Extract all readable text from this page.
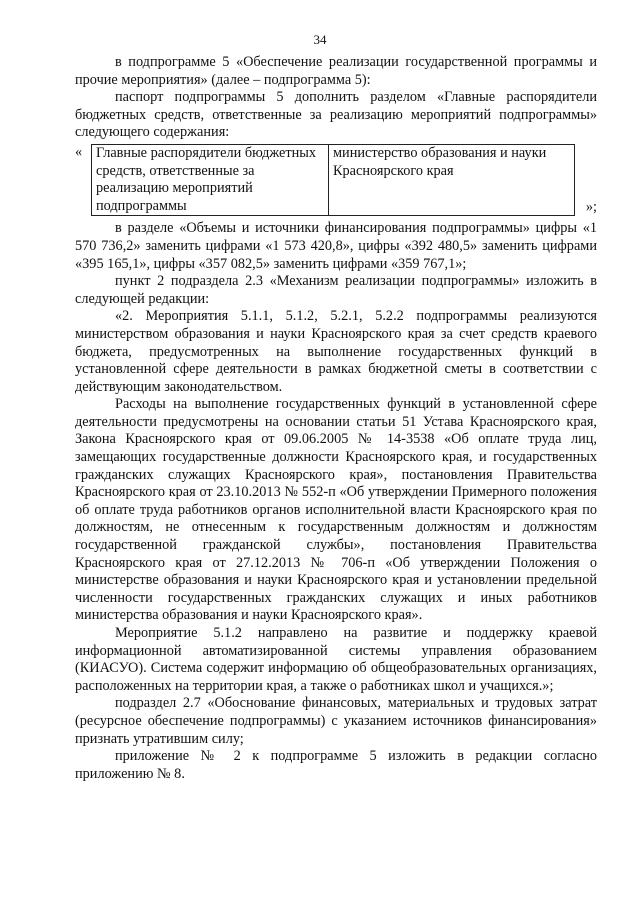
34

в подпрограмме 5 «Обеспечение реализации государственной программы и прочие мероприятия» (далее – подпрограмма 5):

паспорт подпрограммы 5 дополнить разделом «Главные распорядители бюджетных средств, ответственные за реализацию мероприятий подпрограммы» следующего содержания:

« Главные распорядители бюджетных средств, ответственные за реализацию мероприятий подпрограммы	министерство образования и науки Красноярского края
»;

в разделе «Объемы и источники финансирования подпрограммы» цифры «1 570 736,2» заменить цифрами «1 573 420,8», цифры «392 480,5» заменить цифрами «395 165,1», цифры «357 082,5» заменить цифрами «359 767,1»;

пункт 2 подраздела 2.3 «Механизм реализации подпрограммы» изложить в следующей редакции:

«2. Мероприятия 5.1.1, 5.1.2, 5.2.1, 5.2.2 подпрограммы реализуются министерством образования и науки Красноярского края за счет средств краевого бюджета, предусмотренных на выполнение государственных функций в установленной сфере деятельности в рамках бюджетной сметы в соответствии с действующим законодательством.

Расходы на выполнение государственных функций в установленной сфере деятельности предусмотрены на основании статьи 51 Устава Красноярского края, Закона Красноярского края от 09.06.2005 № 14-3538 «Об оплате труда лиц, замещающих государственные должности Красноярского края, и государственных гражданских служащих Красноярского края», постановления Правительства Красноярского края от 23.10.2013 № 552-п «Об утверждении Примерного положения об оплате труда работников органов исполнительной власти Красноярского края по должностям, не отнесенным к государственным должностям и должностям государственной гражданской службы», постановления Правительства Красноярского края от 27.12.2013 № 706-п «Об утверждении Положения о министерстве образования и науки Красноярского края и установлении предельной численности государственных гражданских служащих и иных работников министерства образования и науки Красноярского края».

Мероприятие 5.1.2 направлено на развитие и поддержку краевой информационной автоматизированной системы управления образованием (КИАСУО). Система содержит информацию об общеобразовательных организациях, расположенных на территории края, а также о работниках школ и учащихся.»;

подраздел 2.7 «Обоснование финансовых, материальных и трудовых затрат (ресурсное обеспечение подпрограммы) с указанием источников финансирования» признать утратившим силу;

приложение № 2 к подпрограмме 5 изложить в редакции согласно приложению № 8.
